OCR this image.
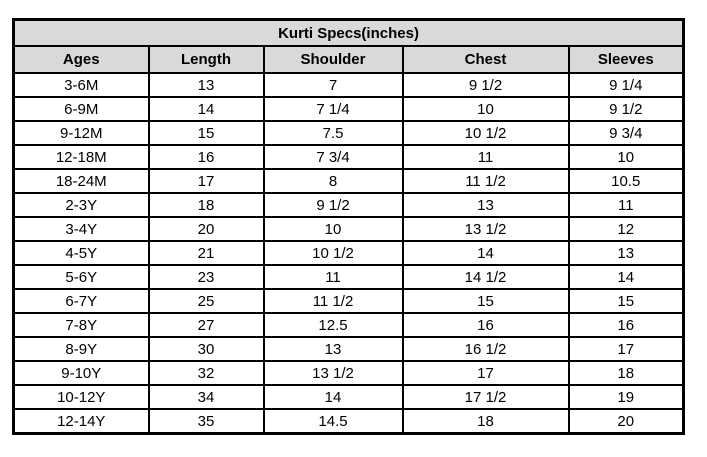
Kurti Specs(inches)				
Ages	Length	Shoulder	Chest	Sleeves
3-6M	13	7	9 1/2	9 1/4
6-9M	14	7 1/4	10	9 1/2
9-12M	15	7.5	10 1/2	9 3/4
12-18M	16	7 3/4	11	10
18-24M	17	8	11 1/2	10.5
2-3Y	18	9 1/2	13	11
3-4Y	20	10	13 1/2	12
4-5Y	21	10 1/2	14	13
5-6Y	23	11	14 1/2	14
6-7Y	25	11 1/2	15	15
7-8Y	27	12.5	16	16
8-9Y	30	13	16 1/2	17
9-10Y	32	13 1/2	17	18
10-12Y	34	14	17 1/2	19
12-14Y	35	14.5	18	20
